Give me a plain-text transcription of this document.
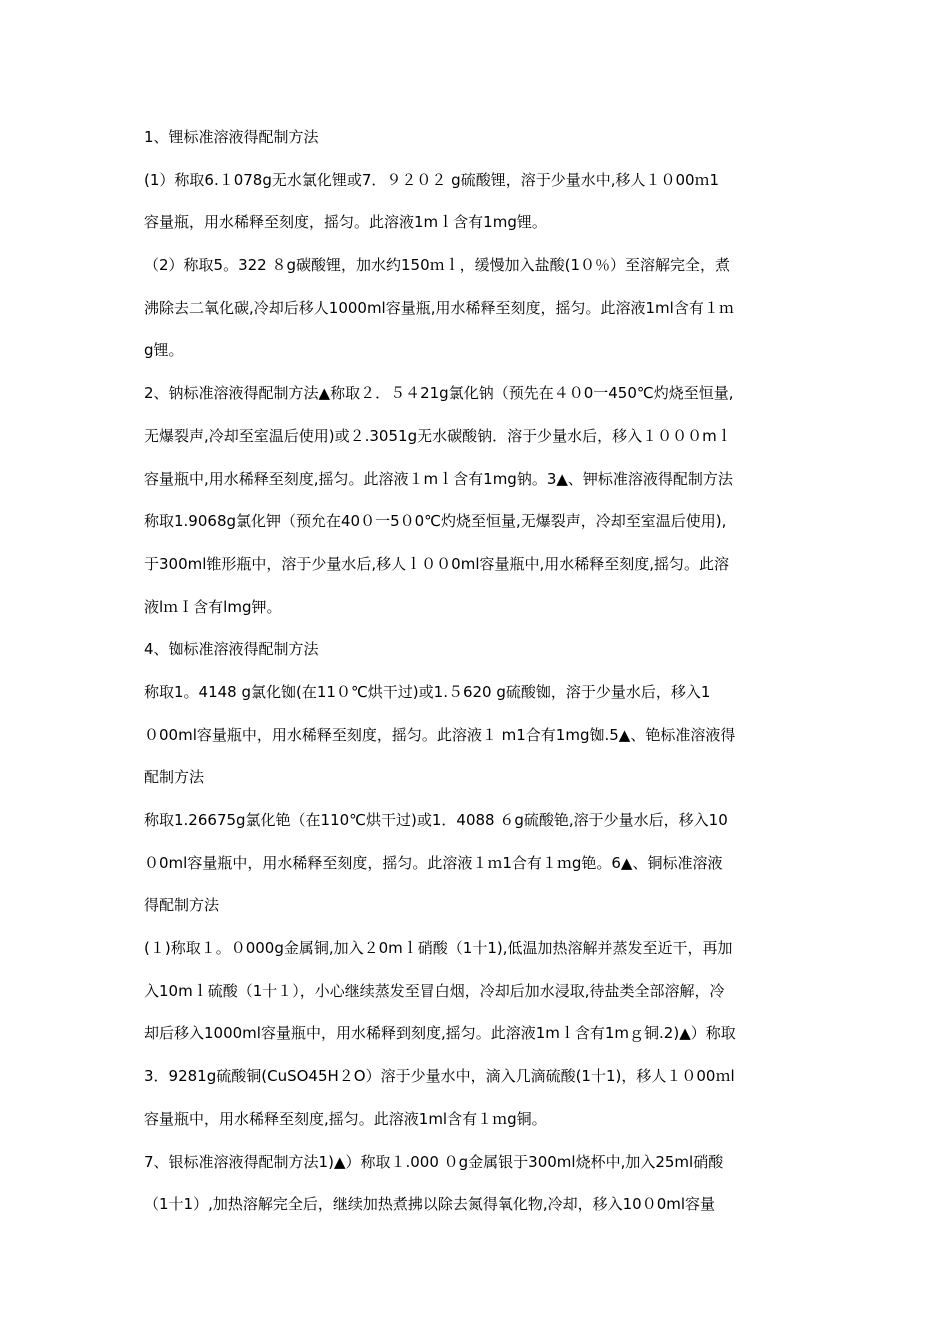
1、锂标准溶液得配制方法
(1）称取6.１078g无水氯化锂或7．９２０２ g硫酸锂，溶于少量水中,移人１０00ｍ1
容量瓶，用水稀释至刻度，摇匀。此溶液1mｌ含有1mg锂。
（2）称取5。322 ８g碳酸锂，加水约150ｍｌ，缓慢加入盐酸(1０％）至溶解完全，煮
沸除去二氧化碳,冷却后移人1000ml容量瓶,用水稀释至刻度，摇匀。此溶液1ml含有１ｍ
g锂。
2、钠标准溶液得配制方法▲称取２．５４21g氯化钠（预先在４０0一450℃灼烧至恒量,
无爆裂声,冷却至室温后使用)或２.3051g无水碳酸钠．溶于少量水后，移入１０００mｌ
容量瓶中,用水稀释至刻度,摇匀。此溶液１mｌ含有1mg钠。3▲、钾标准溶液得配制方法
称取1.9068g氯化钾（预允在40０一5０0℃灼烧至恒量,无爆裂声，冷却至室温后使用),
于300ml锥形瓶中，溶于少量水后,移人ｌ００0ml容量瓶中,用水稀释至刻度,摇匀。此溶
液lｍＩ含有lmg钾。
4、铷标准溶液得配制方法
称取1。4148 g氯化铷(在11０℃烘干过)或1.５620 g硫酸铷，溶于少量水后，移入1
０00ml容量瓶中，用水稀释至刻度，摇匀。此溶液１ m1合有1mg铷.5▲、铯标准溶液得
配制方法
称取1.26675g氯化铯（在110℃烘干过)或1．4088 ６g硫酸铯,溶于少量水后，移入10
０0ml容量瓶中，用水稀释至刻度，摇匀。此溶液１ｍ1合有１ｍg铯。6▲、铜标准溶液
得配制方法
(１)称取１。０000g金属铜,加入２0mｌ硝酸（1十1),低温加热溶解并蒸发至近干，再加
入10mｌ硫酸（1十１），小心继续蒸发至冒白烟，冷却后加水浸取,待盐类全部溶解，冷
却后移入1000ml容量瓶中，用水稀释到刻度,摇匀。此溶液1mｌ含有1mｇ铜.2)▲）称取
3．9281g硫酸铜(CuSO45H２O）溶于少量水中，滴入几滴硫酸(1十1)，移人１０00ｍl
容量瓶中，用水稀释至刻度,摇匀。此溶液1ml含有１ｍg铜。
7、银标准溶液得配制方法1)▲）称取１.000 ０g金属银于300ml烧杯中,加入25ml硝酸
（1十1）,加热溶解完全后，继续加热煮拂以除去氮得氧化物,冷却，移入10０0ml容量
